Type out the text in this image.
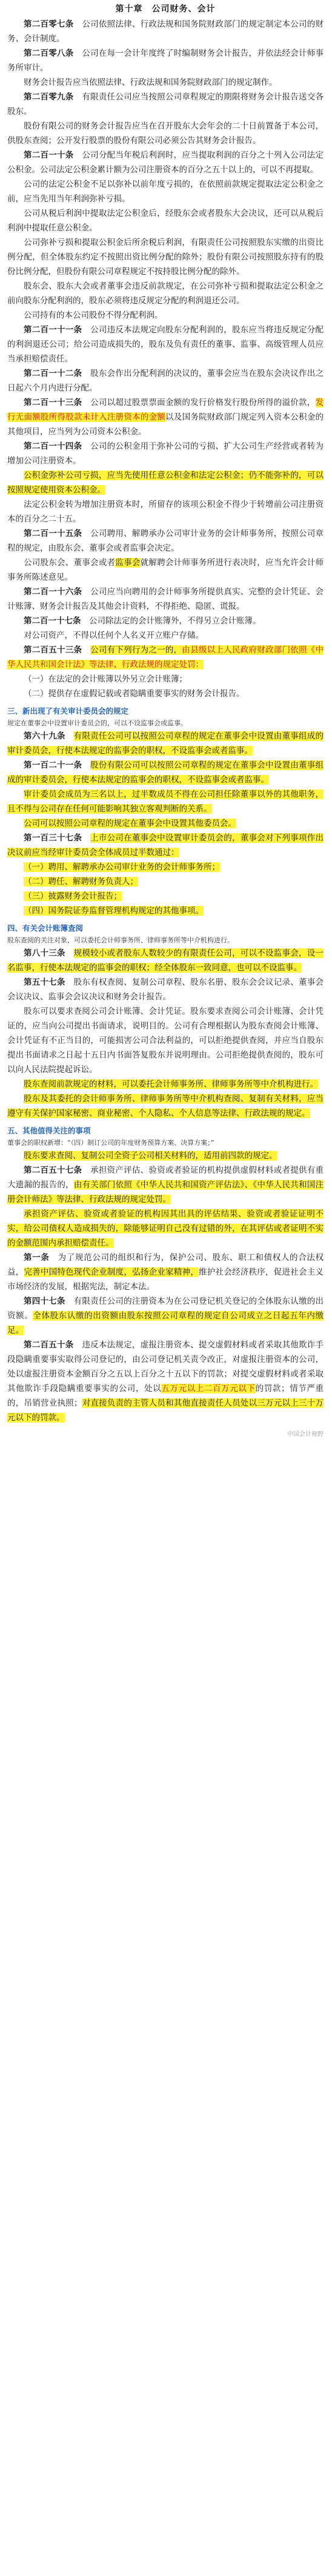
第十章　公司财务、会计

第二百零七条　 公司依照法律、行政法规和国务院财政部门的规定制定本公司的财务、会计制度。

第二百零八条　 公司在每一会计年度终了时编制财务会计报告，并依法经会计师事务所审计。

财务会计报告应当依照法律、行政法规和国务院财政部门的规定制作。

第二百零九条　 有限责任公司应当按照公司章程规定的期限将财务会计报告送交各股东。

股份有限公司的财务会计报告应当在召开股东大会年会的二十日前置备于本公司，供股东查阅；公开发行股票的股份有限公司必须公告其财务会计报告。

第二百一十条　 公司分配当年税后利润时，应当提取利润的百分之十列入公司法定公积金。公司法定公积金累计额为公司注册资本的百分之五十以上的，可以不再提取。

公司的法定公积金不足以弥补以前年度亏损的，在依照前款规定提取法定公积金之前，应当先用当年利润弥补亏损。

公司从税后利润中提取法定公积金后，经股东会或者股东大会决议，还可以从税后利润中提取任意公积金。

公司弥补亏损和提取公积金后所余税后利润，有限责任公司按照股东实缴的出资比例分配，但全体股东约定不按照出资比例分配的除外；股份有限公司按照股东持有的股份比例分配，但股份有限公司章程规定不按持股比例分配的除外。

股东会、股东大会或者董事会违反前款规定，在公司弥补亏损和提取法定公积金之前向股东分配利润的，股东必须将违反规定分配的利润退还公司。

公司持有的本公司股份不得分配利润。

第二百一十一条　 公司违反本法规定向股东分配利润的，股东应当将违反规定分配的利润退还公司；给公司造成损失的，股东及负有责任的董事、监事、高级管理人员应当承担赔偿责任。

第二百一十二条　 股东会作出分配利润的决议的，董事会应当在股东会决议作出之日起六个月内进行分配。

第二百一十三条　 公司以超过股票票面金额的发行价格发行股份所得的溢价款，发行无面额股所得股款未计入注册资本的金额以及国务院财政部门规定列入资本公积金的其他项目，应当列为公司资本公积金。

第二百一十四条　 公司的公积金用于弥补公司的亏损、扩大公司生产经营或者转为增加公司注册资本。

公积金弥补公司亏损，应当先使用任意公积金和法定公积金；仍不能弥补的，可以按照规定使用资本公积金。

法定公积金转为增加注册资本时，所留存的该项公积金不得少于转增前公司注册资本的百分之二十五。

第二百一十五条　 公司聘用、解聘承办公司审计业务的会计师事务所，按照公司章程的规定，由股东会、董事会或者监事会决定。

公司股东会、董事会或者监事会就解聘会计师事务所进行表决时，应当允许会计师事务所陈述意见。

第二百一十六条　 公司应当向聘用的会计师事务所提供真实、完整的会计凭证、会计账簿、财务会计报告及其他会计资料，不得拒绝、隐匿、谎报。

第二百一十七条　 公司除法定的会计账簿外，不得另立会计账簿。

对公司资产，不得以任何个人名义开立账户存储。

第二百五十三条　 公司有下列行为之一的，由县级以上人民政府财政部门依照《中华人民共和国会计法》等法律、行政法规的规定处罚：

（一）在法定的会计账簿以外另立会计账簿；

（二）提供存在虚假记载或者隐瞒重要事实的财务会计报告。

三、新出现了有关审计委员会的规定
规定在董事会中设置审计委员会的，可以不设监事会或监事。

第六十九条　 有限责任公司可以按照公司章程的规定在董事会中设置由董事组成的审计委员会，行使本法规定的监事会的职权，不设监事会或者监事。

第一百二十一条　 股份有限公司可以按照公司章程的规定在董事会中设置由董事组成的审计委员会，行使本法规定的监事会的职权，不设监事会或者监事。

审计委员会成员为三名以上，过半数成员不得在公司担任除董事以外的其他职务，且不得与公司存在任何可能影响其独立客观判断的关系。

公司可以按照公司章程的规定在董事会中设置其他委员会。

第一百三十七条　 上市公司在董事会中设置审计委员会的，董事会对下列事项作出决议前应当经审计委员会全体成员过半数通过：

（一）聘用、解聘承办公司审计业务的会计师事务所；

（二）聘任、解聘财务负责人；

（三）披露财务会计报告；

（四）国务院证券监督管理机构规定的其他事项。

四、有关会计账簿查阅
股东查阅的关注对象，可以委托会计师事务所、律师事务所等中介机构进行。

第八十三条　 规模较小或者股东人数较少的有限责任公司，可以不设监事会，设一名监事，行使本法规定的监事会的职权；经全体股东一致同意，也可以不设监事。

第五十七条　 股东有权查阅、复制公司章程、股东名册、股东会会议记录、董事会会议决议、监事会会议决议和财务会计报告。

股东可以要求查阅公司会计账簿、会计凭证。股东要求查阅公司会计账簿、会计凭证的，应当向公司提出书面请求，说明目的。公司有合理根据认为股东查阅会计账簿、会计凭证有不正当目的，可能损害公司合法利益的，可以拒绝提供查阅，并应当自股东提出书面请求之日起十五日内书面答复股东并说明理由。公司拒绝提供查阅的，股东可以向人民法院提起诉讼。

股东查阅前款规定的材料，可以委托会计师事务所、律师事务所等中介机构进行。

股东及其委托的会计师事务所、律师事务所等中介机构查阅、复制有关材料，应当遵守有关保护国家秘密、商业秘密、个人隐私、个人信息等法律、行政法规的规定。

五、其他值得关注的事项
董事会的职权新增：“（四）制订公司的年度财务预算方案、决算方案；”

股东要求查阅、复制公司全资子公司相关材料的，适用前四款的规定。

第二百五十七条　 承担资产评估、验资或者验证的机构提供虚假材料或者提供有重大遗漏的报告的，由有关部门依照《中华人民共和国资产评估法》、《中华人民共和国注册会计师法》等法律、行政法规的规定处罚。

承担资产评估、验资或者验证的机构因其出具的评估结果、验资或者验证证明不实，给公司债权人造成损失的，除能够证明自己没有过错的外，在其评估或者证明不实的金额范围内承担赔偿责任。

第一条　 为了规范公司的组织和行为，保护公司、股东、职工和债权人的合法权益，完善中国特色现代企业制度，弘扬企业家精神，维护社会经济秩序，促进社会主义市场经济的发展，根据宪法，制定本法。

第四十七条　 有限责任公司的注册资本为在公司登记机关登记的全体股东认缴的出资额。全体股东认缴的出资额由股东按照公司章程的规定自公司成立之日起五年内缴足。

第二百五十条　 违反本法规定，虚报注册资本、提交虚假材料或者采取其他欺诈手段隐瞒重要事实取得公司登记的，由公司登记机关责令改正，对虚报注册资本的公司，处以虚报注册资本金额百分之五以上百分之十五以下的罚款；对提交虚假材料或者采取其他欺诈手段隐瞒重要事实的公司，处以五万元以上二百万元以下的罚款；情节严重的，吊销营业执照；对直接负责的主管人员和其他直接责任人员处以三万元以上三十万元以下的罚款。

中国会计视野
